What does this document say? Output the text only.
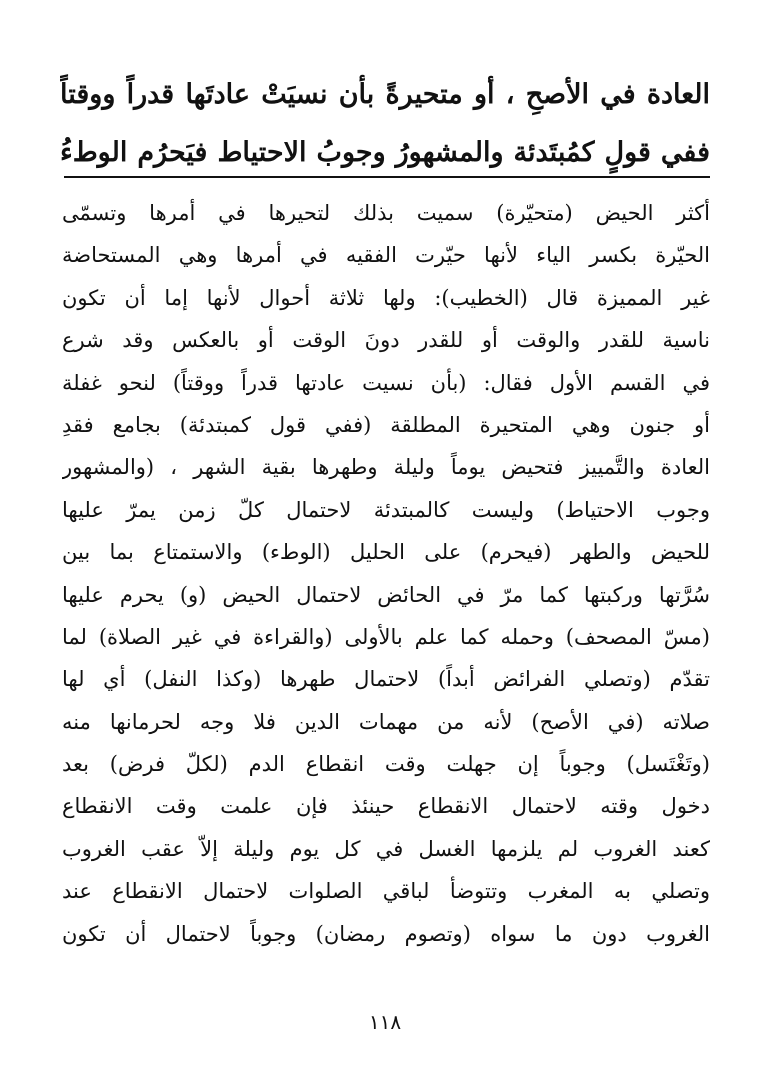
العادة في الأصحِ ، أو متحيرةً بأن نسيَتْ عادتَها قدراً ووقتاً
ففي قولٍ كمُبتَدئة والمشهورُ وجوبُ الاحتياط فيَحرُم الوطءُ
أكثر الحيض (متحيّرة) سميت بذلك لتحيرها في أمرها وتسمّى
الحيّرة بكسر الياء لأنها حيّرت الفقيه في أمرها وهي المستحاضة
غير المميزة قال (الخطيب): ولها ثلاثة أحوال لأنها إما أن تكون
ناسية للقدر والوقت أو للقدر دونَ الوقت أو بالعكس وقد شرع
في القسم الأول فقال: (بأن نسيت عادتها قدراً ووقتاً) لنحو غفلة
أو جنون وهي المتحيرة المطلقة (ففي قول كمبتدئة) بجامع فقدِ
العادة والتَّمييز فتحيض يوماً وليلة وطهرها بقية الشهر ، (والمشهور
وجوب الاحتياط) وليست كالمبتدئة لاحتمال كلّ زمن يمرّ عليها
للحيض والطهر (فيحرم) على الحليل (الوطء) والاستمتاع بما بين
سُرَّتها وركبتها كما مرّ في الحائض لاحتمال الحيض (و) يحرم عليها
(مسّ المصحف) وحمله كما علم بالأولى (والقراءة في غير الصلاة) لما
تقدّم (وتصلي الفرائض أبداً) لاحتمال طهرها (وكذا النفل) أي لها
صلاته (في الأصح) لأنه من مهمات الدين فلا وجه لحرمانها منه
(وتَغْتَسل) وجوباً إن جهلت وقت انقطاع الدم (لكلّ فرض) بعد
دخول وقته لاحتمال الانقطاع حينئذ فإن علمت وقت الانقطاع
كعند الغروب لم يلزمها الغسل في كل يوم وليلة إلاّ عقب الغروب
وتصلي به المغرب وتتوضأ لباقي الصلوات لاحتمال الانقطاع عند
الغروب دون ما سواه (وتصوم رمضان) وجوباً لاحتمال أن تكون
١١٨
